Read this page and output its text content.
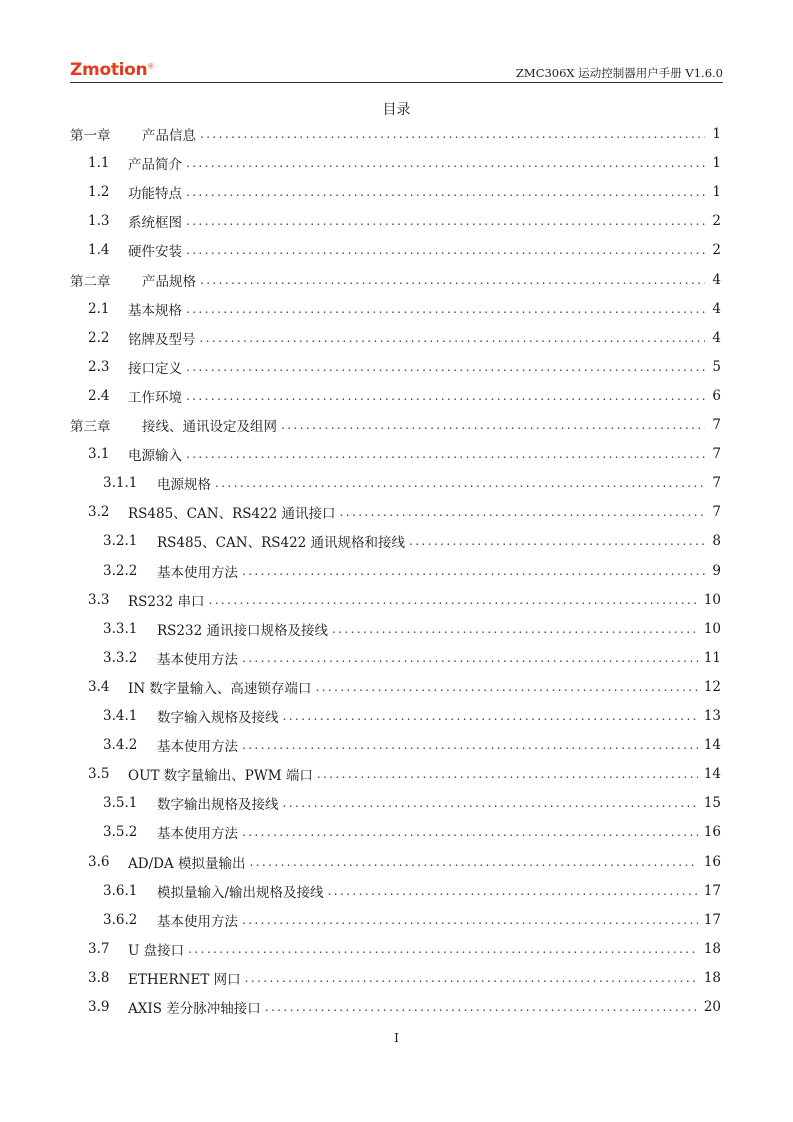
Zmotion®	ZMC306X 运动控制器用户手册 V1.6.0
目录
第一章	产品信息 .....	1
1.1	产品简介 .....	1
1.2	功能特点 .....	1
1.3	系统框图 .....	2
1.4	硬件安装 .....	2
第二章	产品规格 .....	4
2.1	基本规格 .....	4
2.2	铭牌及型号 .....	4
2.3	接口定义 .....	5
2.4	工作环境 .....	6
第三章	接线、通讯设定及组网 .....	7
3.1	电源输入 .....	7
3.1.1	电源规格 .....	7
3.2	RS485、CAN、RS422 通讯接口 .....	7
3.2.1	RS485、CAN、RS422 通讯规格和接线 .....	8
3.2.2	基本使用方法 .....	9
3.3	RS232 串口 .....	10
3.3.1	RS232 通讯接口规格及接线 .....	10
3.3.2	基本使用方法 .....	11
3.4	IN 数字量输入、高速锁存端口 .....	12
3.4.1	数字输入规格及接线 .....	13
3.4.2	基本使用方法 .....	14
3.5	OUT 数字量输出、PWM 端口 .....	14
3.5.1	数字输出规格及接线 .....	15
3.5.2	基本使用方法 .....	16
3.6	AD/DA 模拟量输出 .....	16
3.6.1	模拟量输入/输出规格及接线 .....	17
3.6.2	基本使用方法 .....	17
3.7	U 盘接口 .....	18
3.8	ETHERNET 网口 .....	18
3.9	AXIS 差分脉冲轴接口 .....	20
I
